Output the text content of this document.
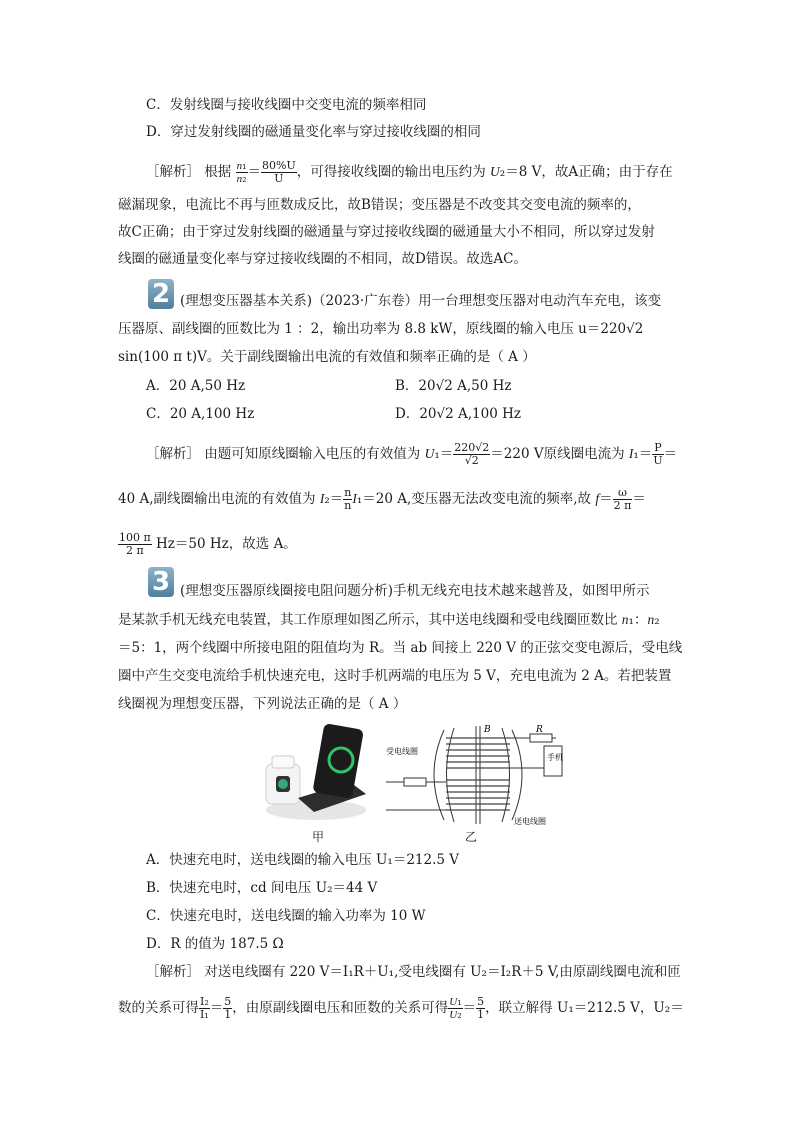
C．发射线圈与接收线圈中交变电流的频率相同
D．穿过发射线圈的磁通量变化率与穿过接收线圈的相同
［解析］ 根据 $\frac{\text{n₁}}{\text{n₂}} = \frac{80\%U}{U}$ ，可得接收线圈的输出电压约为 U₂＝8 V，故A正确；由于存在
磁漏现象，电流比不再与匝数成反比，故B错误；变压器是不改变其交变电流的频率的，
故C正确；由于穿过发射线圈的磁通量与穿过接收线圈的磁通量大小不相同，所以穿过发射
线圈的磁通量变化率与穿过接收线圈的不相同，故D错误。故选AC。
2 (理想变压器基本关系)（2023·广东卷）用一台理想变压器对电动汽车充电，该变
压器原、副线圈的匝数比为 1 ：2，输出功率为 8.8 kW，原线圈的输入电压 u＝220√2
sin(100 π t)V。关于副线圈输出电流的有效值和频率正确的是（ A ）
A．20 A,50 Hz	B．20√2 A,50 Hz
C．20 A,100 Hz	D．20√2 A,100 Hz
［解析］ 由题可知原线圈输入电压的有效值为 $U_1= \frac{220√2}{√2} =220$ V原线圈电流为 $I_1= \frac{P}{U}$ ＝
40 A,副线圈输出电流的有效值为 $I_2= \frac{n}{n} I_1=20$ A,变压器无法改变电流的频率,故 $f= \frac{\omega}{2 \pi}$ ＝
$\frac{100 \pi}{2 \pi} Hz=50$ Hz，故选 A。
3 (理想变压器原线圈接电阻问题分析)手机无线充电技术越来越普及，如图甲所示
是某款手机无线充电装置，其工作原理如图乙所示，其中送电线圈和受电线圈匝数比 n₁：n₂
＝5：1，两个线圈中所接电阻的阻值均为 R。当 ab 间接上 220 V 的正弦交变电源后，受电线
圈中产生交变电流给手机快速充电，这时手机两端的电压为 5 V，充电电流为 2 A。若把装置
线圈视为理想变压器，下列说法正确的是（ A ）
甲
R
B
手机
受电线圈
送电线圈
乙
A．快速充电时，送电线圈的输入电压 U₁＝212.5 V
B．快速充电时，cd 间电压 U₂＝44 V
C．快速充电时，送电线圈的输入功率为 10 W
D．R 的值为 187.5 Ω
［解析］ 对送电线圈有 220 V＝I₁R＋U₁,受电线圈有 U₂＝I₂R＋5 V,由原副线圈电流和匝
数的关系可得 $\frac{\text{I₂}}{\text{I₁}} = \frac{5}{1}$ ，由原副线圈电压和匝数的关系可得 $\frac{\text{U₁}}{\text{U₂}} = \frac{5}{1}$ ，联立解得 U₁＝212.5 V，U₂＝
